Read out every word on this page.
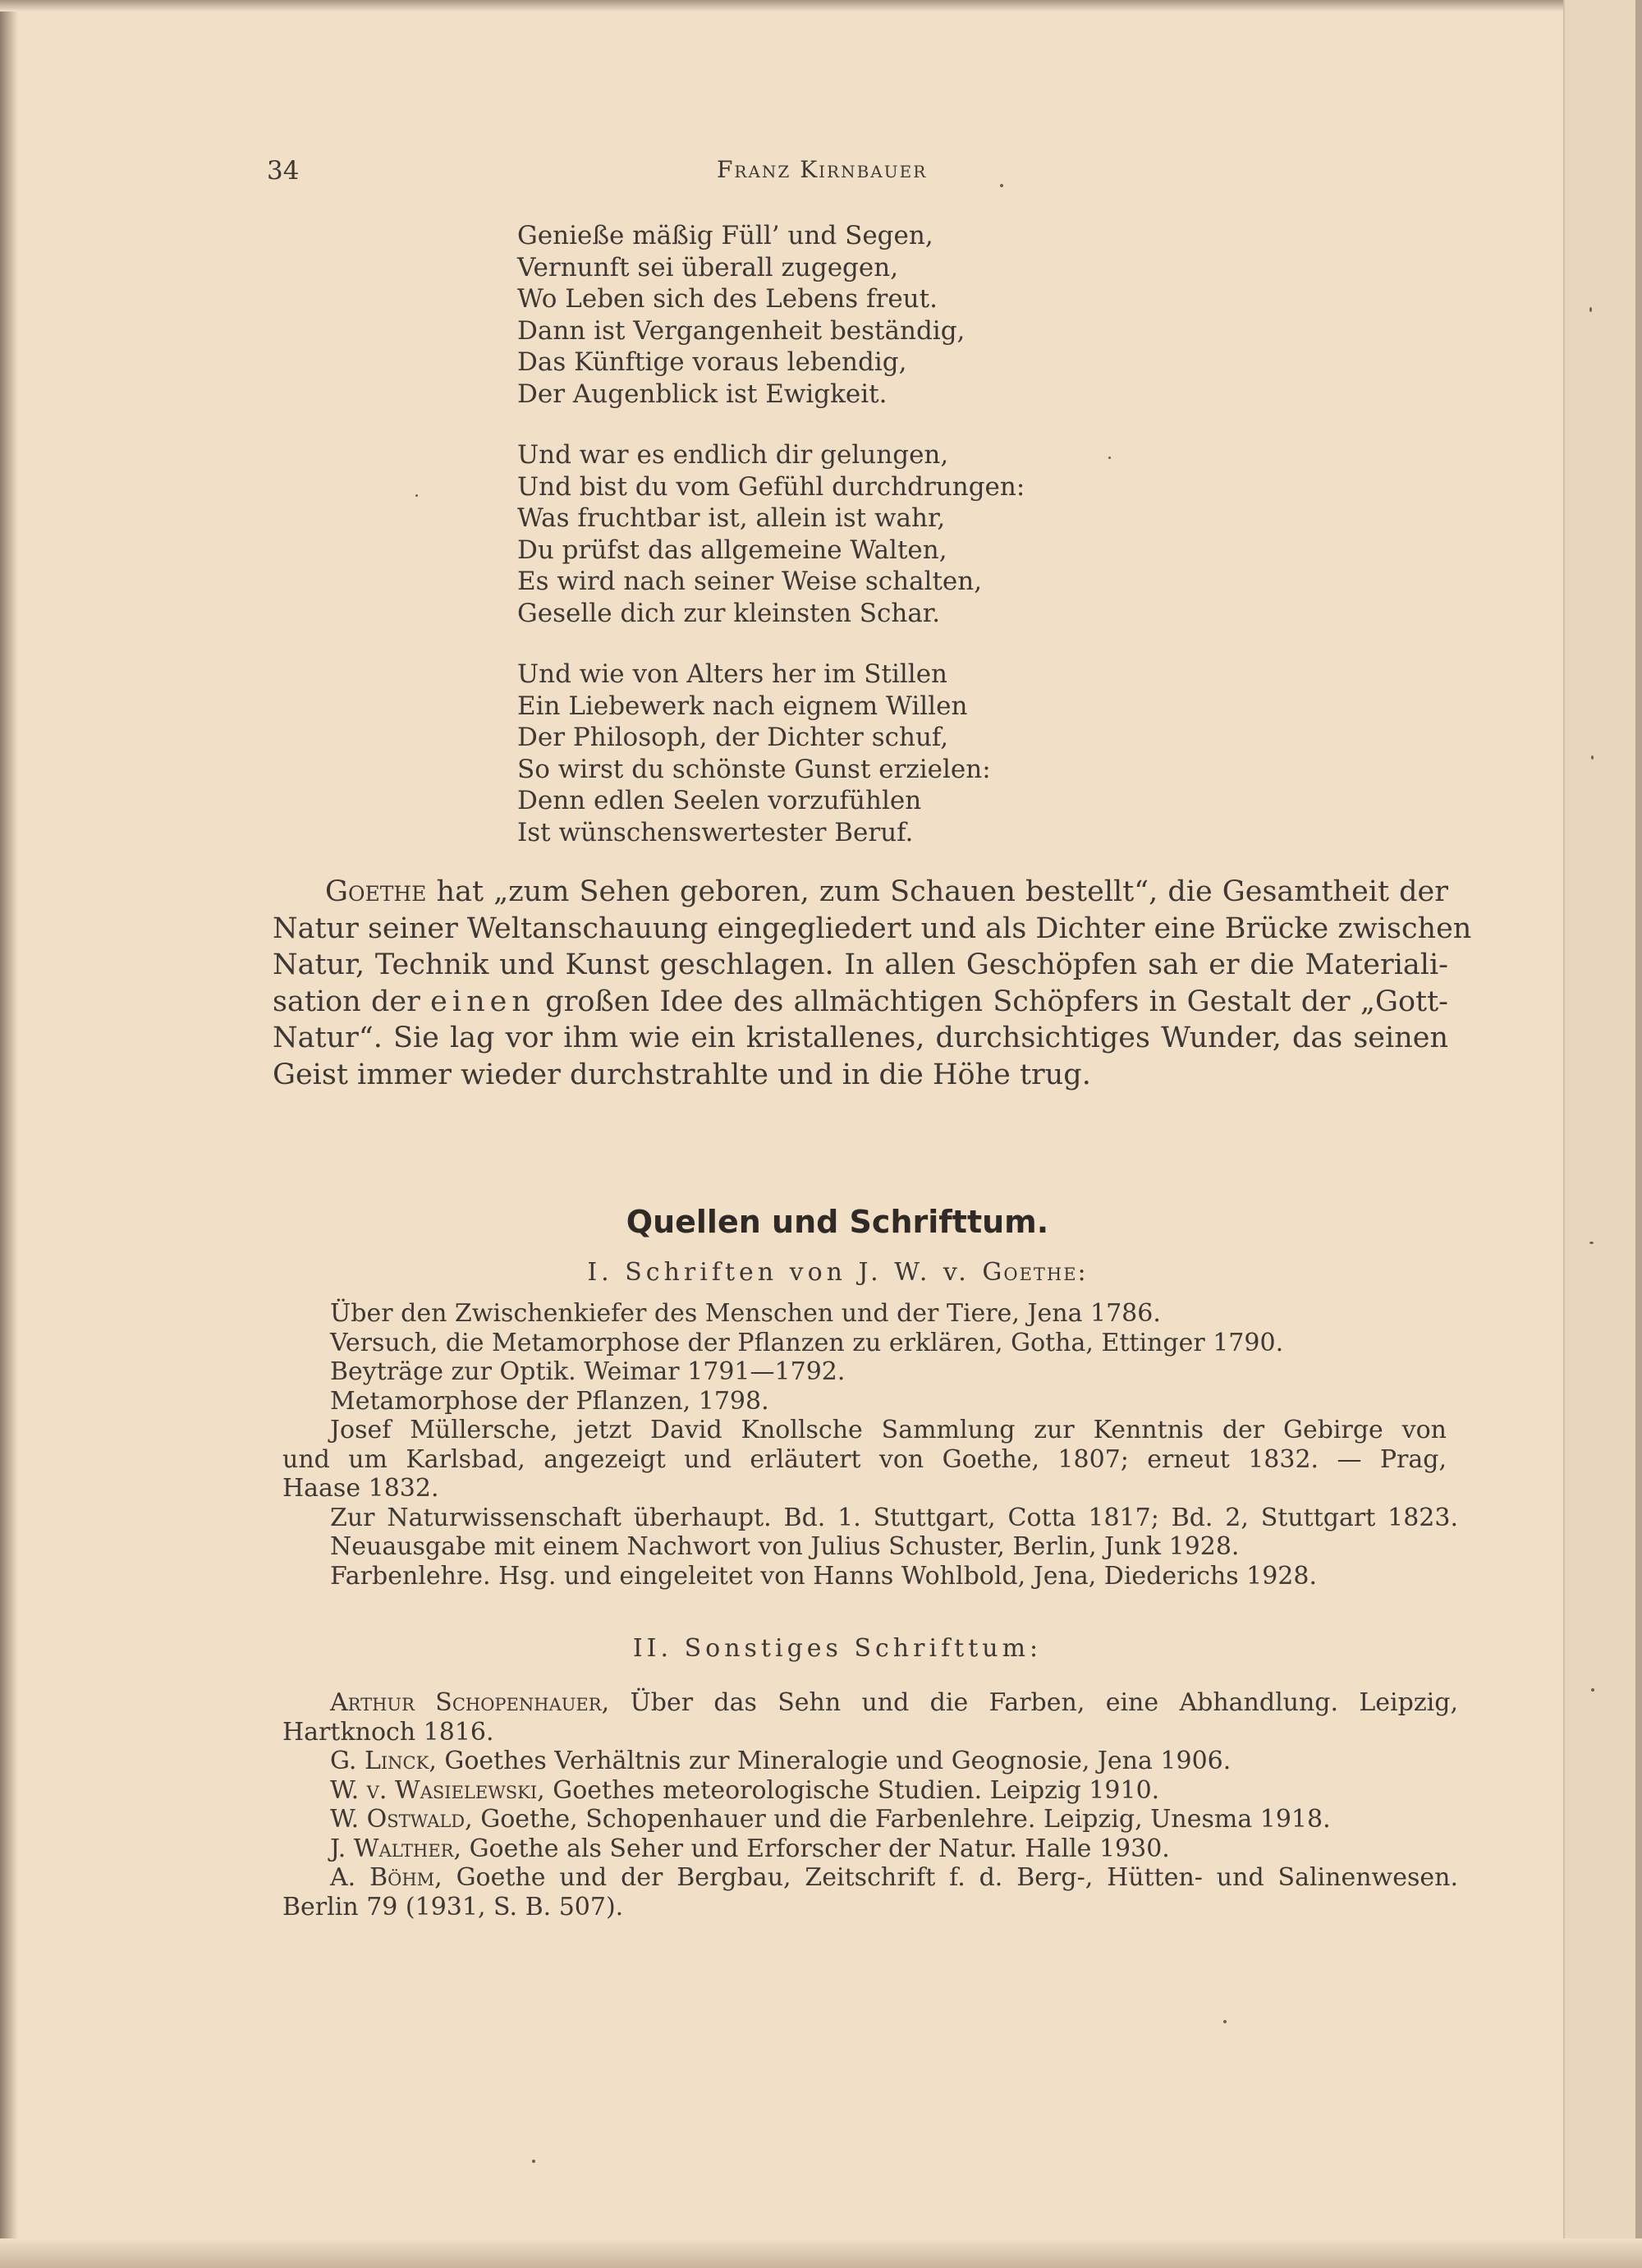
34	Franz Kirnbauer
Genieße mäßig Füll’ und Segen,
Vernunft sei überall zugegen,
Wo Leben sich des Lebens freut.
Dann ist Vergangenheit beständig,
Das Künftige voraus lebendig,
Der Augenblick ist Ewigkeit.
Und war es endlich dir gelungen,
Und bist du vom Gefühl durchdrungen:
Was fruchtbar ist, allein ist wahr,
Du prüfst das allgemeine Walten,
Es wird nach seiner Weise schalten,
Geselle dich zur kleinsten Schar.
Und wie von Alters her im Stillen
Ein Liebewerk nach eignem Willen
Der Philosoph, der Dichter schuf,
So wirst du schönste Gunst erzielen:
Denn edlen Seelen vorzufühlen
Ist wünschenswertester Beruf.
Goethe hat „zum Sehen geboren, zum Schauen bestellt“, die Gesamtheit der
Natur seiner Weltanschauung eingegliedert und als Dichter eine Brücke zwischen
Natur, Technik und Kunst geschlagen. In allen Geschöpfen sah er die Materiali-
sation der einen großen Idee des allmächtigen Schöpfers in Gestalt der „Gott-
Natur“. Sie lag vor ihm wie ein kristallenes, durchsichtiges Wunder, das seinen
Geist immer wieder durchstrahlte und in die Höhe trug.
Quellen und Schrifttum.
I. Schriften von J. W. v. Goethe:
Über den Zwischenkiefer des Menschen und der Tiere, Jena 1786.
Versuch, die Metamorphose der Pflanzen zu erklären, Gotha, Ettinger 1790.
Beyträge zur Optik. Weimar 1791—1792.
Metamorphose der Pflanzen, 1798.
Josef Müllersche, jetzt David Knollsche Sammlung zur Kenntnis der Gebirge von
und um Karlsbad, angezeigt und erläutert von Goethe, 1807; erneut 1832. — Prag,
Haase 1832.
Zur Naturwissenschaft überhaupt. Bd. 1. Stuttgart, Cotta 1817; Bd. 2, Stuttgart 1823.
Neuausgabe mit einem Nachwort von Julius Schuster, Berlin, Junk 1928.
Farbenlehre. Hsg. und eingeleitet von Hanns Wohlbold, Jena, Diederichs 1928.
II. Sonstiges Schrifttum:
Arthur Schopenhauer, Über das Sehn und die Farben, eine Abhandlung. Leipzig,
Hartknoch 1816.
G. Linck, Goethes Verhältnis zur Mineralogie und Geognosie, Jena 1906.
W. v. Wasielewski, Goethes meteorologische Studien. Leipzig 1910.
W. Ostwald, Goethe, Schopenhauer und die Farbenlehre. Leipzig, Unesma 1918.
J. Walther, Goethe als Seher und Erforscher der Natur. Halle 1930.
A. Böhm, Goethe und der Bergbau, Zeitschrift f. d. Berg-, Hütten- und Salinenwesen.
Berlin 79 (1931, S. B. 507).
